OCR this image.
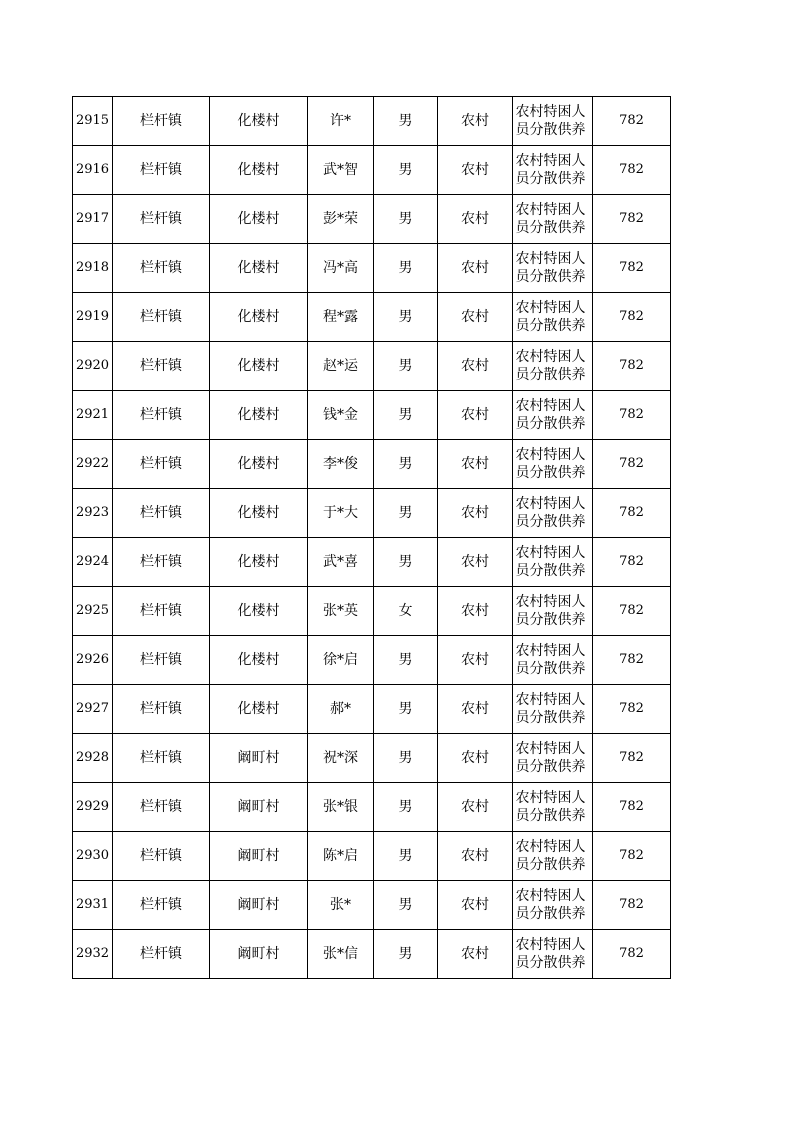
2915	栏杆镇	化楼村	许*	男	农村	农村特困人员分散供养	782
2916	栏杆镇	化楼村	武*智	男	农村	农村特困人员分散供养	782
2917	栏杆镇	化楼村	彭*荣	男	农村	农村特困人员分散供养	782
2918	栏杆镇	化楼村	冯*高	男	农村	农村特困人员分散供养	782
2919	栏杆镇	化楼村	程*露	男	农村	农村特困人员分散供养	782
2920	栏杆镇	化楼村	赵*运	男	农村	农村特困人员分散供养	782
2921	栏杆镇	化楼村	钱*金	男	农村	农村特困人员分散供养	782
2922	栏杆镇	化楼村	李*俊	男	农村	农村特困人员分散供养	782
2923	栏杆镇	化楼村	于*大	男	农村	农村特困人员分散供养	782
2924	栏杆镇	化楼村	武*喜	男	农村	农村特困人员分散供养	782
2925	栏杆镇	化楼村	张*英	女	农村	农村特困人员分散供养	782
2926	栏杆镇	化楼村	徐*启	男	农村	农村特困人员分散供养	782
2927	栏杆镇	化楼村	郝*	男	农村	农村特困人员分散供养	782
2928	栏杆镇	阚町村	祝*深	男	农村	农村特困人员分散供养	782
2929	栏杆镇	阚町村	张*银	男	农村	农村特困人员分散供养	782
2930	栏杆镇	阚町村	陈*启	男	农村	农村特困人员分散供养	782
2931	栏杆镇	阚町村	张*	男	农村	农村特困人员分散供养	782
2932	栏杆镇	阚町村	张*信	男	农村	农村特困人员分散供养	782
